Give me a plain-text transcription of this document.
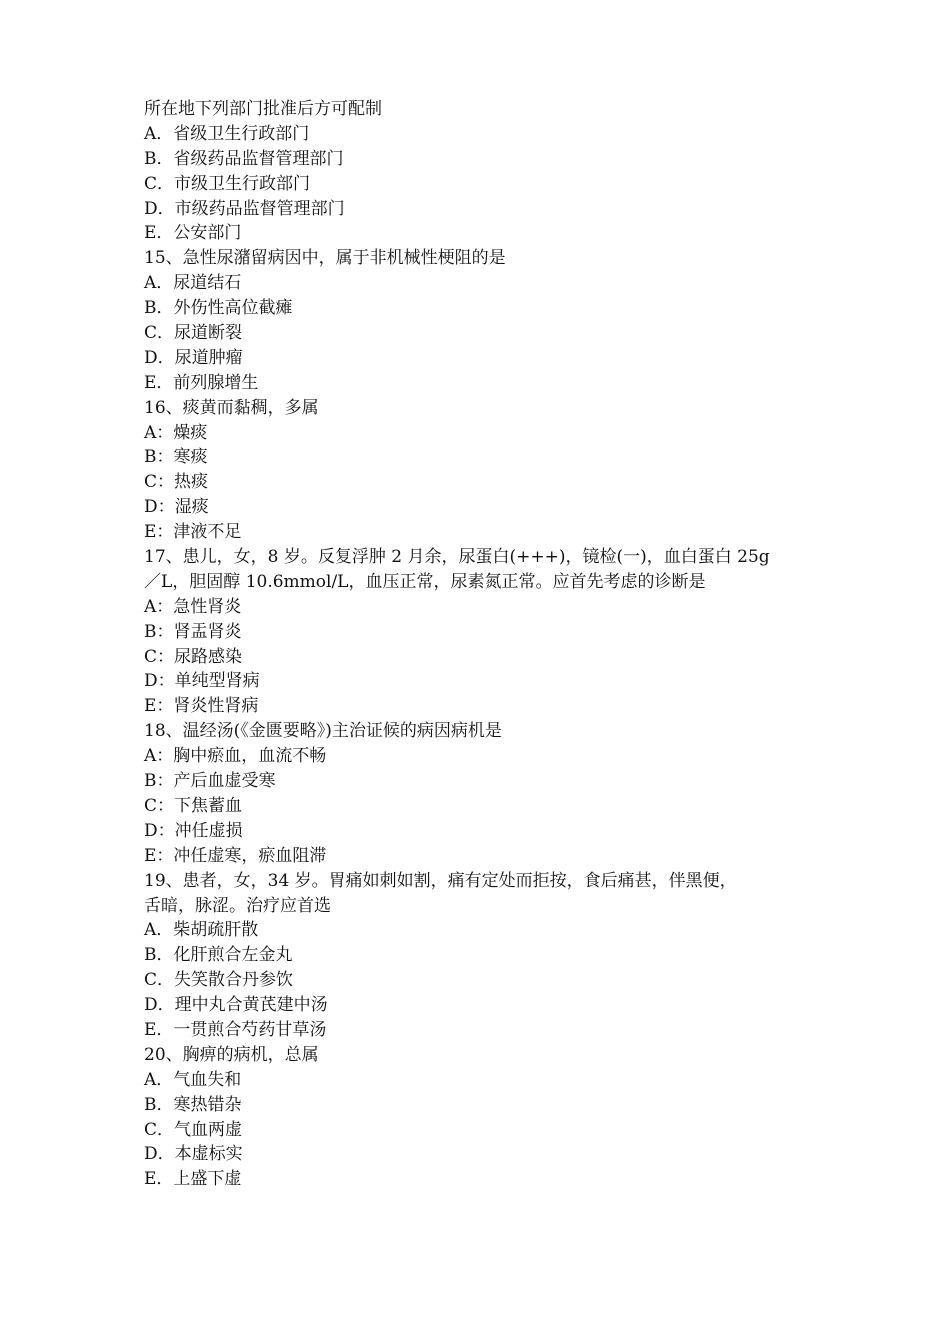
所在地下列部门批准后方可配制
A．省级卫生行政部门
B．省级药品监督管理部门
C．市级卫生行政部门
D．市级药品监督管理部门
E．公安部门
15、急性尿潴留病因中，属于非机械性梗阻的是
A．尿道结石
B．外伤性高位截瘫
C．尿道断裂
D．尿道肿瘤
E．前列腺增生
16、痰黄而黏稠，多属
A：燥痰
B：寒痰
C：热痰
D：湿痰
E：津液不足
17、患儿，女，8 岁。反复浮肿 2 月余，尿蛋白(+++)，镜检(一)，血白蛋白 25g
／L，胆固醇 10.6mmol/L，血压正常，尿素氮正常。应首先考虑的诊断是
A：急性肾炎
B：肾盂肾炎
C：尿路感染
D：单纯型肾病
E：肾炎性肾病
18、温经汤(《金匮要略》)主治证候的病因病机是
A：胸中瘀血，血流不畅
B：产后血虚受寒
C：下焦蓄血
D：冲任虚损
E：冲任虚寒，瘀血阻滞
19、患者，女，34 岁。胃痛如刺如割，痛有定处而拒按，食后痛甚，伴黑便，
舌暗，脉涩。治疗应首选
A．柴胡疏肝散
B．化肝煎合左金丸
C．失笑散合丹参饮
D．理中丸合黄芪建中汤
E．一贯煎合芍药甘草汤
20、胸痹的病机，总属
A．气血失和
B．寒热错杂
C．气血两虚
D．本虚标实
E．上盛下虚
